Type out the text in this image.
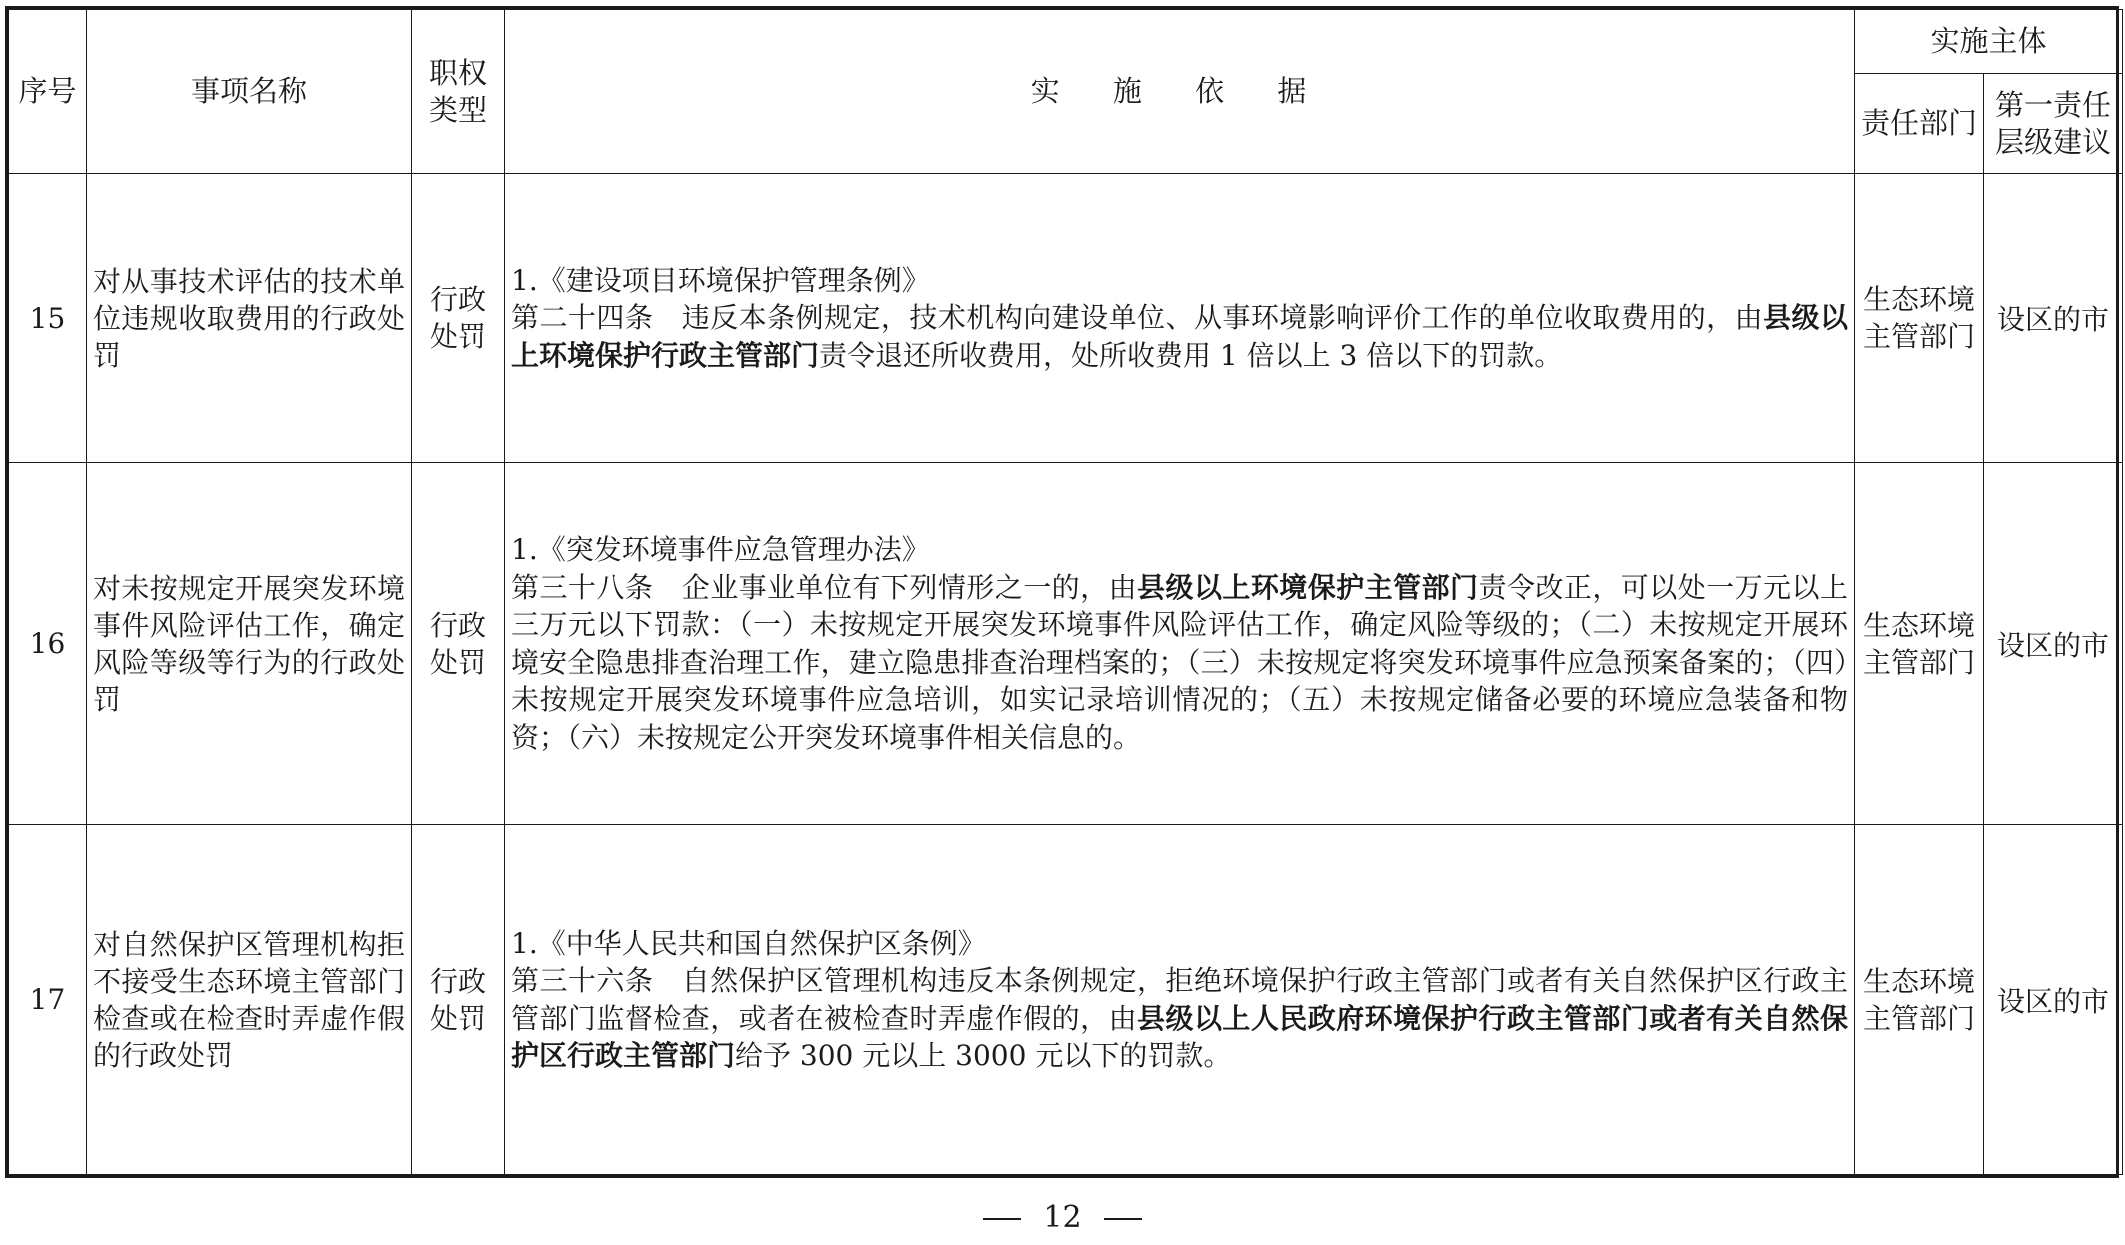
序号	事项名称	职权类型	实 施 依 据	实施主体	
				责任部门	第一责任层级建议
15	对从事技术评估的技术单位违规收取费用的行政处罚	行政处罚	1.《建设项目环境保护管理条例》
第二十四条　违反本条例规定，技术机构向建设单位、从事环境影响评价工作的单位收取费用的，由县级以上环境保护行政主管部门责令退还所收费用，处所收费用 1 倍以上 3 倍以下的罚款。	生态环境主管部门	设区的市
16	对未按规定开展突发环境事件风险评估工作，确定风险等级等行为的行政处罚	行政处罚	1.《突发环境事件应急管理办法》
第三十八条　企业事业单位有下列情形之一的，由县级以上环境保护主管部门责令改正，可以处一万元以上三万元以下罚款：（一）未按规定开展突发环境事件风险评估工作，确定风险等级的；（二）未按规定开展环境安全隐患排查治理工作，建立隐患排查治理档案的；（三）未按规定将突发环境事件应急预案备案的；（四）未按规定开展突发环境事件应急培训，如实记录培训情况的；（五）未按规定储备必要的环境应急装备和物资；（六）未按规定公开突发环境事件相关信息的。	生态环境主管部门	设区的市
17	对自然保护区管理机构拒不接受生态环境主管部门检查或在检查时弄虚作假的行政处罚	行政处罚	1.《中华人民共和国自然保护区条例》
第三十六条　自然保护区管理机构违反本条例规定，拒绝环境保护行政主管部门或者有关自然保护区行政主管部门监督检查，或者在被检查时弄虚作假的，由县级以上人民政府环境保护行政主管部门或者有关自然保护区行政主管部门给予 300 元以上 3000 元以下的罚款。	生态环境主管部门	设区的市
12
